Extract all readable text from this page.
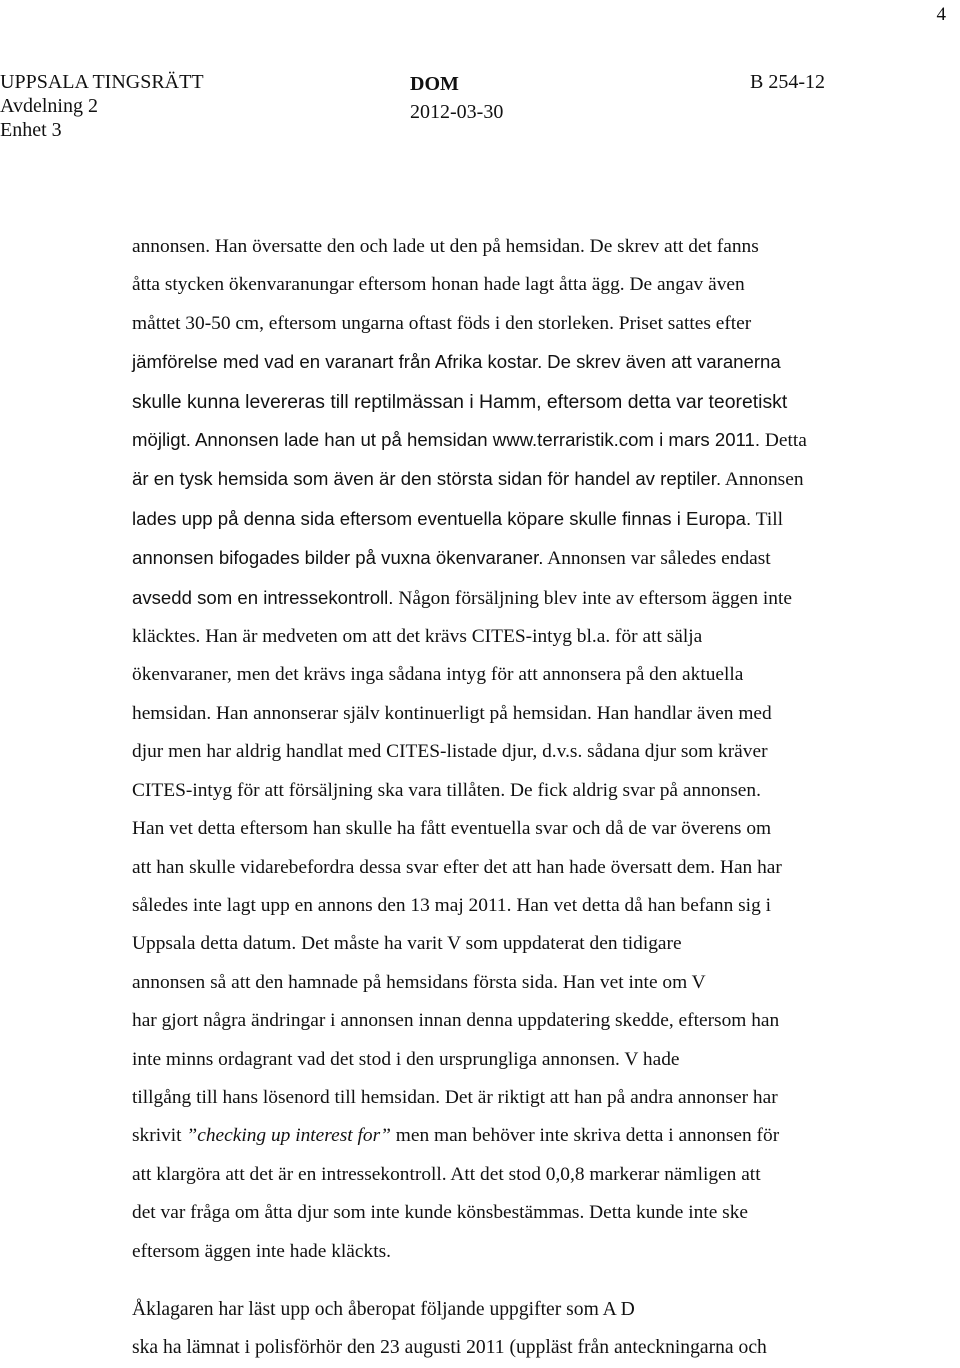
4
UPPSALA TINGSRÄTT
Avdelning 2
Enhet 3
DOM
2012-03-30
B 254-12
annonsen. Han översatte den och lade ut den på hemsidan. De skrev att det fanns
åtta stycken ökenvaranungar eftersom honan hade lagt åtta ägg. De angav även
måttet 30-50 cm, eftersom ungarna oftast föds i den storleken. Priset sattes efter
jämförelse med vad en varanart från Afrika kostar. De skrev även att varanerna
skulle kunna levereras till reptilmässan i Hamm, eftersom detta var teoretiskt
möjligt. Annonsen lade han ut på hemsidan www.terraristik.com i mars 2011. Detta
är en tysk hemsida som även är den största sidan för handel av reptiler. Annonsen
lades upp på denna sida eftersom eventuella köpare skulle finnas i Europa. Till
annonsen bifogades bilder på vuxna ökenvaraner. Annonsen var således endast
avsedd som en intressekontroll. Någon försäljning blev inte av eftersom äggen inte
kläcktes. Han är medveten om att det krävs CITES-intyg bl.a. för att sälja
ökenvaraner, men det krävs inga sådana intyg för att annonsera på den aktuella
hemsidan. Han annonserar själv kontinuerligt på hemsidan. Han handlar även med
djur men har aldrig handlat med CITES-listade djur, d.v.s. sådana djur som kräver
CITES-intyg för att försäljning ska vara tillåten. De fick aldrig svar på annonsen.
Han vet detta eftersom han skulle ha fått eventuella svar och då de var överens om
att han skulle vidarebefordra dessa svar efter det att han hade översatt dem. Han har
således inte lagt upp en annons den 13 maj 2011. Han vet detta då han befann sig i
Uppsala detta datum. Det måste ha varit V som uppdaterat den tidigare
annonsen så att den hamnade på hemsidans första sida. Han vet inte om V
har gjort några ändringar i annonsen innan denna uppdatering skedde, eftersom han
inte minns ordagrant vad det stod i den ursprungliga annonsen. V hade
tillgång till hans lösenord till hemsidan. Det är riktigt att han på andra annonser har
skrivit ”checking up interest for” men man behöver inte skriva detta i annonsen för
att klargöra att det är en intressekontroll. Att det stod 0,0,8 markerar nämligen att
det var fråga om åtta djur som inte kunde könsbestämmas. Detta kunde inte ske
eftersom äggen inte hade kläckts.
Åklagaren har läst upp och åberopat följande uppgifter som A D
ska ha lämnat i polisförhör den 23 augusti 2011 (uppläst från anteckningarna och
